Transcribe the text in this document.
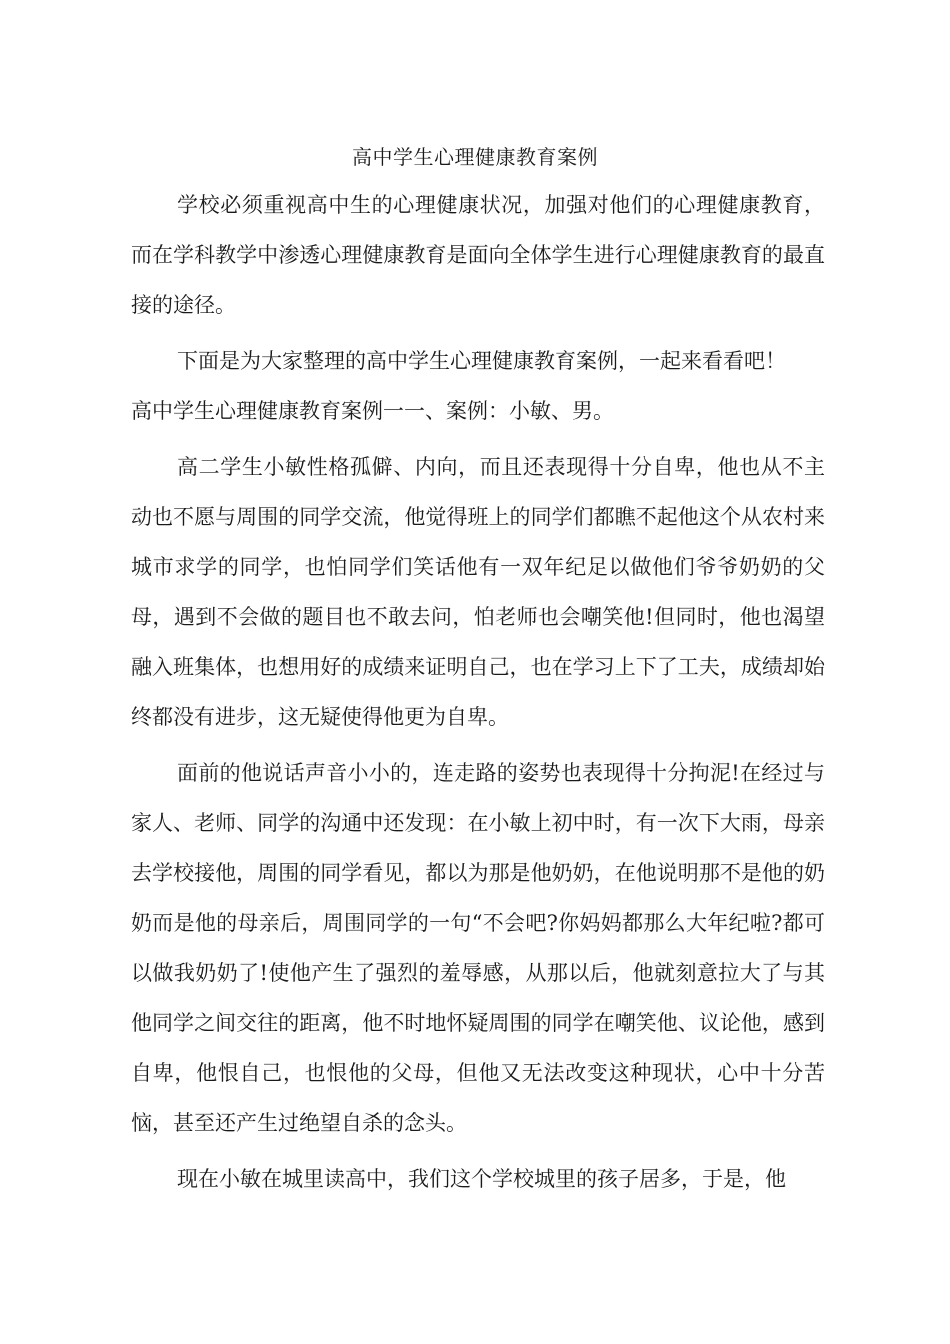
高中学生心理健康教育案例

学校必须重视高中生的心理健康状况，加强对他们的心理健康教育，而在学科教学中渗透心理健康教育是面向全体学生进行心理健康教育的最直接的途径。

下面是为大家整理的高中学生心理健康教育案例，一起来看看吧！

高中学生心理健康教育案例一一、案例：小敏、男。

高二学生小敏性格孤僻、内向，而且还表现得十分自卑，他也从不主动也不愿与周围的同学交流，他觉得班上的同学们都瞧不起他这个从农村来城市求学的同学，也怕同学们笑话他有一双年纪足以做他们爷爷奶奶的父母，遇到不会做的题目也不敢去问，怕老师也会嘲笑他!但同时，他也渴望融入班集体，也想用好的成绩来证明自己，也在学习上下了工夫，成绩却始终都没有进步，这无疑使得他更为自卑。

面前的他说话声音小小的，连走路的姿势也表现得十分拘泥!在经过与家人、老师、同学的沟通中还发现：在小敏上初中时，有一次下大雨，母亲去学校接他，周围的同学看见，都以为那是他奶奶，在他说明那不是他的奶奶而是他的母亲后，周围同学的一句“不会吧?你妈妈都那么大年纪啦?都可以做我奶奶了!使他产生了强烈的羞辱感，从那以后，他就刻意拉大了与其他同学之间交往的距离，他不时地怀疑周围的同学在嘲笑他、议论他，感到自卑，他恨自己，也恨他的父母，但他又无法改变这种现状，心中十分苦恼，甚至还产生过绝望自杀的念头。

现在小敏在城里读高中，我们这个学校城里的孩子居多，于是，他
